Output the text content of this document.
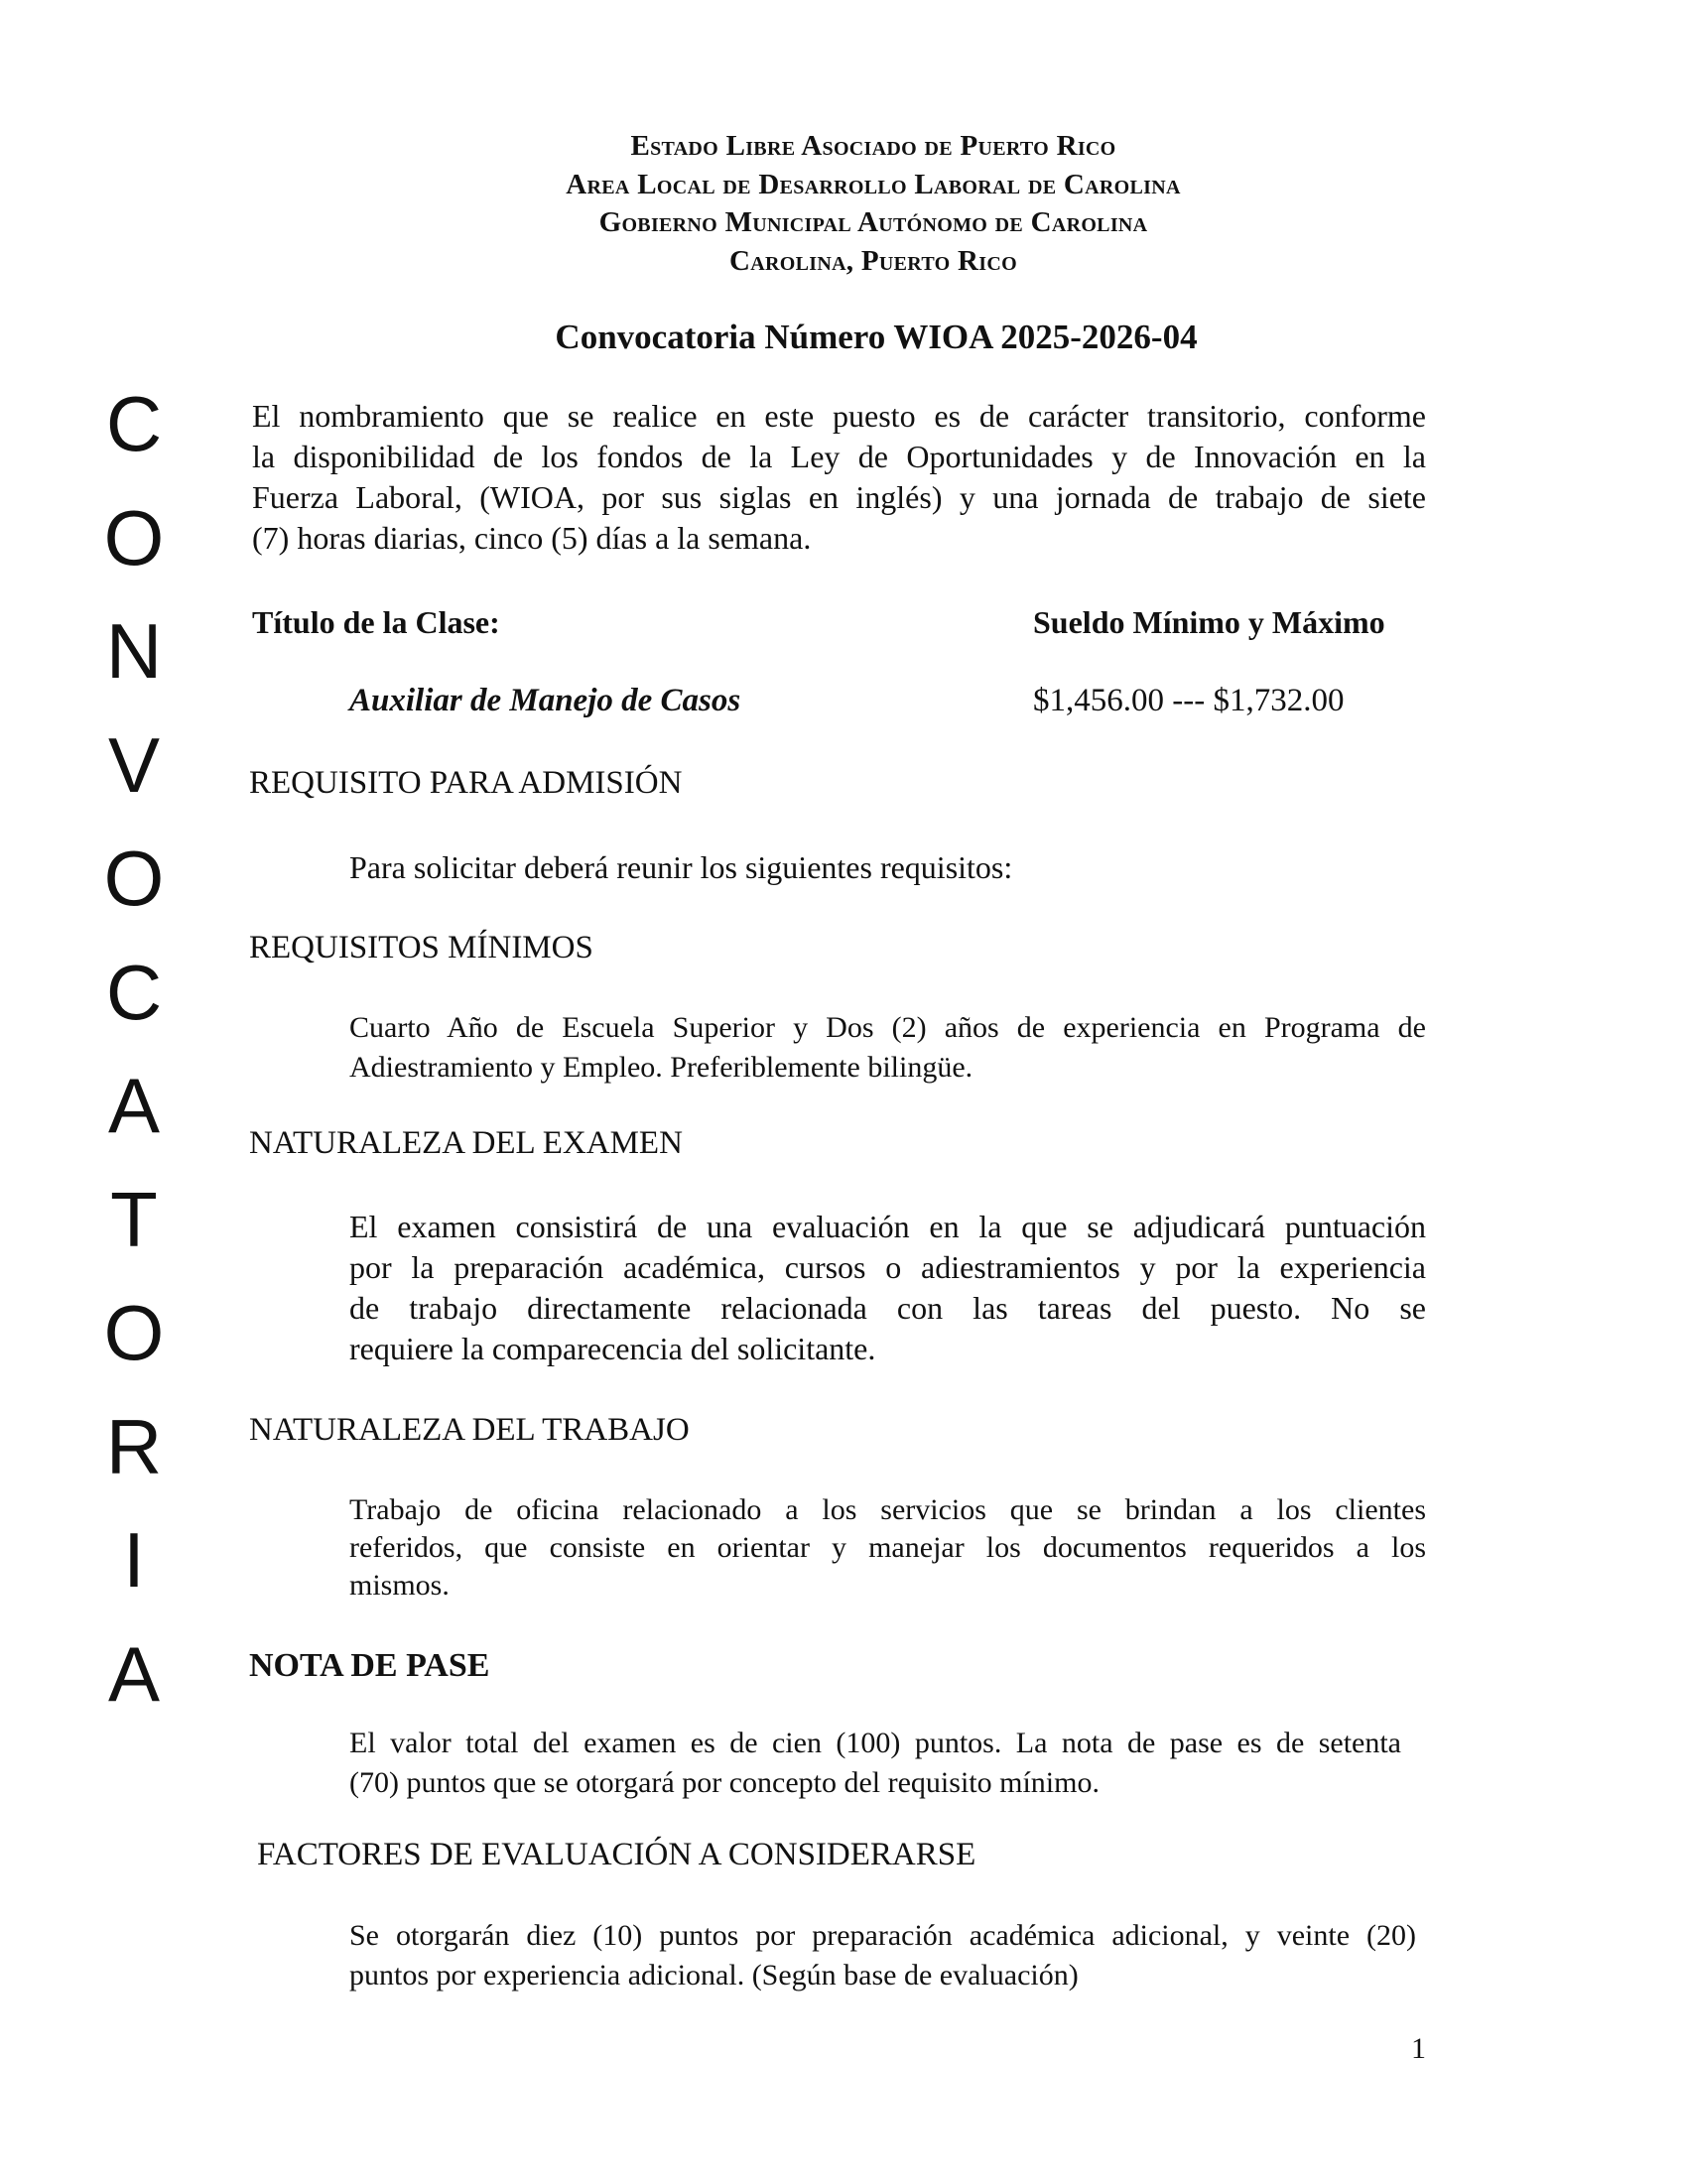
Estado Libre Asociado de Puerto Rico
Area Local de Desarrollo Laboral de Carolina
Gobierno Municipal Autónomo de Carolina
Carolina, Puerto Rico
Convocatoria Número WIOA 2025-2026-04
C
O
N
V
O
C
A
T
O
R
I
A
El nombramiento que se realice en este puesto es de carácter transitorio, conforme
la disponibilidad de los fondos de la Ley de Oportunidades y de Innovación en la
Fuerza Laboral, (WIOA, por sus siglas en inglés) y una jornada de trabajo de siete
(7) horas diarias, cinco (5) días a la semana.
Título de la Clase:	Sueldo Mínimo y Máximo
Auxiliar de Manejo de Casos	$1,456.00 --- $1,732.00
REQUISITO PARA ADMISIÓN
Para solicitar deberá reunir los siguientes requisitos:
REQUISITOS MÍNIMOS
Cuarto Año de Escuela Superior y Dos (2) años de experiencia en Programa de
Adiestramiento y Empleo. Preferiblemente bilingüe.
NATURALEZA DEL EXAMEN
El examen consistirá de una evaluación en la que se adjudicará puntuación
por la preparación académica, cursos o adiestramientos y por la experiencia
de trabajo directamente relacionada con las tareas del puesto. No se
requiere la comparecencia del solicitante.
NATURALEZA DEL TRABAJO
Trabajo de oficina relacionado a los servicios que se brindan a los clientes
referidos, que consiste en orientar y manejar los documentos requeridos a los
mismos.
NOTA DE PASE
El valor total del examen es de cien (100) puntos. La nota de pase es de setenta
(70) puntos que se otorgará por concepto del requisito mínimo.
FACTORES DE EVALUACIÓN A CONSIDERARSE
Se otorgarán diez (10) puntos por preparación académica adicional, y veinte (20)
puntos por experiencia adicional. (Según base de evaluación)
1
